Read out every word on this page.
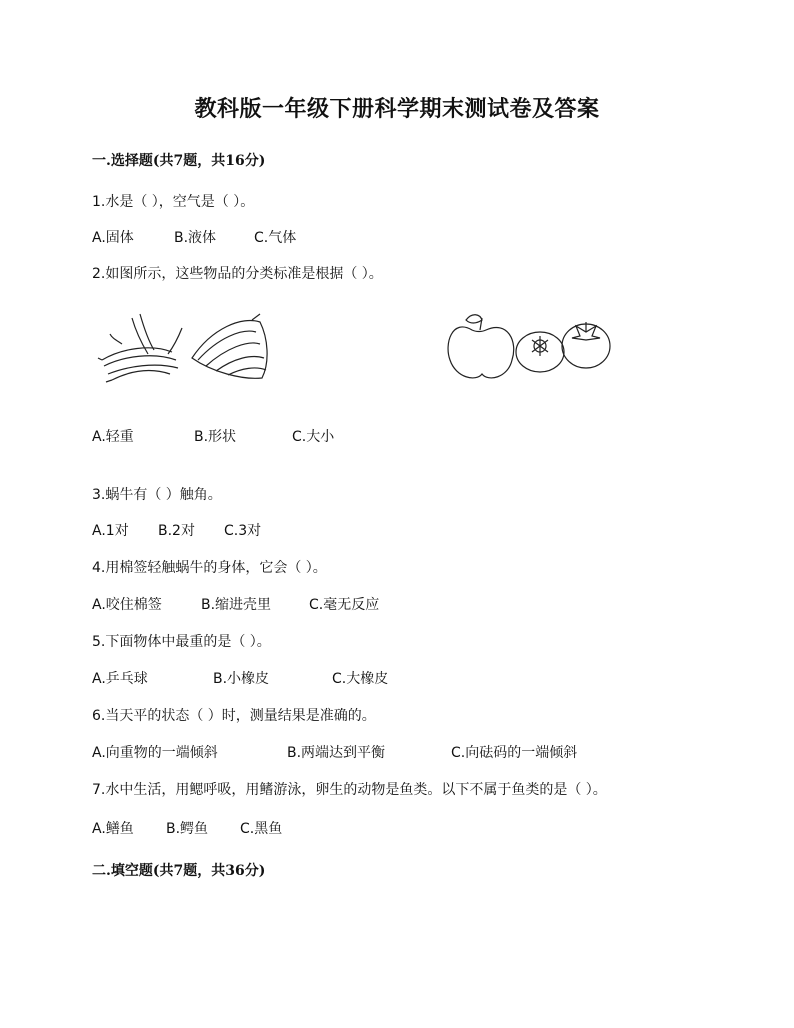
教科版一年级下册科学期末测试卷及答案
一.选择题(共7题，共16分)
1.水是（ ），空气是（ ）。
A.固体	B.液体	C.气体
2.如图所示，这些物品的分类标准是根据（ ）。
A.轻重	B.形状	C.大小
3.蜗牛有（ ）触角。
A.1对 B.2对 C.3对
4.用棉签轻触蜗牛的身体，它会（ ）。
A.咬住棉签	B.缩进壳里	C.毫无反应
5.下面物体中最重的是（ ）。
A.乒乓球	B.小橡皮	C.大橡皮
6.当天平的状态（ ）时，测量结果是准确的。
A.向重物的一端倾斜	B.两端达到平衡	C.向砝码的一端倾斜
7.水中生活，用鳃呼吸，用鳍游泳，卵生的动物是鱼类。以下不属于鱼类的是（ ）。
A.鳝鱼 B.鳄鱼 C.黑鱼
二.填空题(共7题，共36分)
